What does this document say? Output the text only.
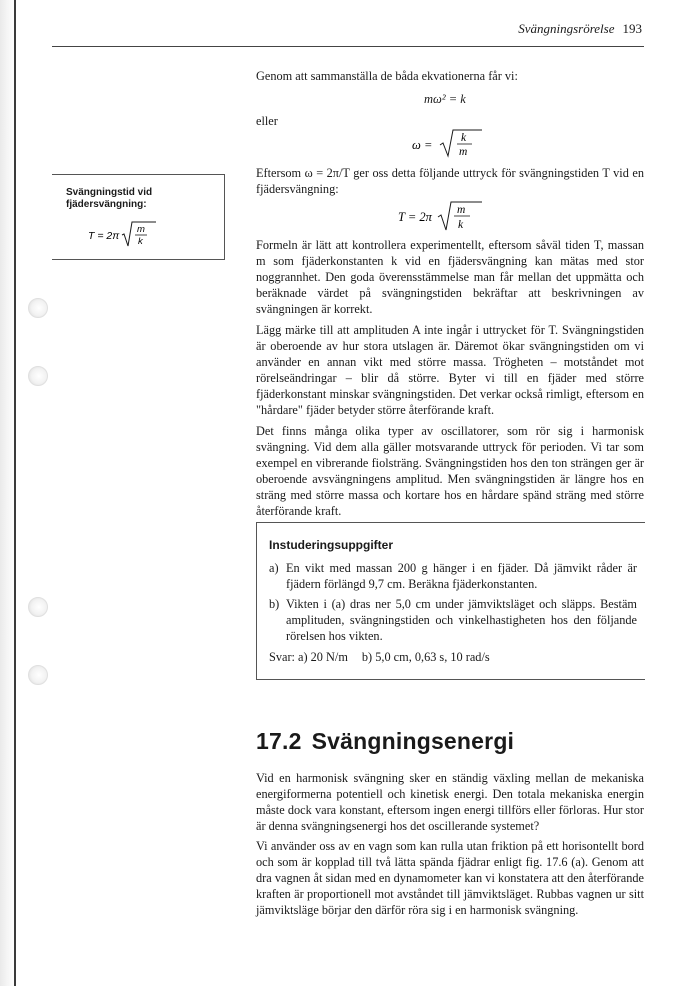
Svängningsrörelse 193

Genom att sammanställa de båda ekvationerna får vi:

mω² = k

eller

ω = k
m

Eftersom ω = 2π/T ger oss detta följande uttryck för svängningstiden T vid en fjädersvängning:

T = 2π m
k

Formeln är lätt att kontrollera experimentellt, eftersom såväl tiden T, massan m som fjäderkonstanten k vid en fjädersvängning kan mätas med stor noggrannhet. Den goda överensstämmelse man får mellan det uppmätta och beräknade värdet på svängningstiden bekräftar att beskrivningen av svängningen är korrekt.

Lägg märke till att amplituden A inte ingår i uttrycket för T. Svängningstiden är oberoende av hur stora utslagen är. Däremot ökar svängningstiden om vi använder en annan vikt med större massa. Trögheten – motståndet mot rörelseändringar – blir då större. Byter vi till en fjäder med större fjäderkonstant minskar svängningstiden. Det verkar också rimligt, eftersom en "hårdare" fjäder betyder större återförande kraft.

Det finns många olika typer av oscillatorer, som rör sig i harmonisk svängning. Vid dem alla gäller motsvarande uttryck för perioden. Vi tar som exempel en vibrerande fiolsträng. Svängningstiden hos den ton strängen ger är oberoende avsvängningens amplitud. Men svängningstiden är längre hos en sträng med större massa och kortare hos en hårdare spänd sträng med större återförande kraft.

Svängningstid vid fjädersvängning:
T = 2π
m
k
Instuderingsuppgifter
a) En vikt med massan 200 g hänger i en fjäder. Då jämvikt råder är fjädern förlängd 9,7 cm. Beräkna fjäderkonstanten.

b) Vikten i (a) dras ner 5,0 cm under jämviktsläget och släpps. Bestäm amplituden, svängningstiden och vinkelhastigheten hos den följande rörelsen hos vikten.

Svar: a) 20 N/m b) 5,0 cm, 0,63 s, 10 rad/s
17.2 Svängningsenergi

Vid en harmonisk svängning sker en ständig växling mellan de mekaniska energiformerna potentiell och kinetisk energi. Den totala mekaniska energin måste dock vara konstant, eftersom ingen energi tillförs eller förloras. Hur stor är denna svängningsenergi hos det oscillerande systemet?

Vi använder oss av en vagn som kan rulla utan friktion på ett horisontellt bord och som är kopplad till två lätta spända fjädrar enligt fig. 17.6 (a). Genom att dra vagnen åt sidan med en dynamometer kan vi konstatera att den återförande kraften är proportionell mot avståndet till jämviktsläget. Rubbas vagnen ur sitt jämviktsläge börjar den därför röra sig i en harmonisk svängning.
